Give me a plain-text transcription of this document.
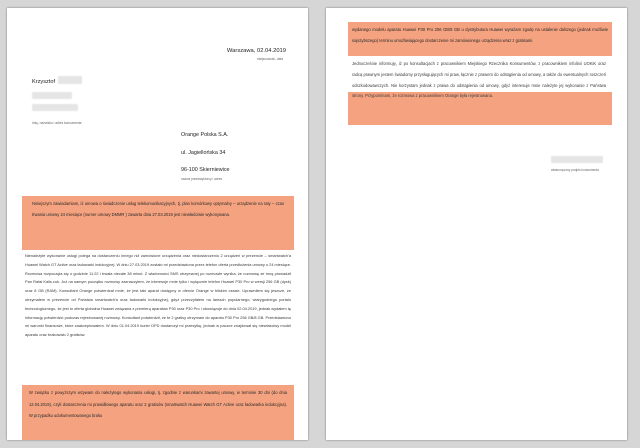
Warszawa, 02.04.2019
miejscowość, data
Krzysztof
imię, nazwisko i adres konsumenta
Orange Polska S.A.
ul. Jagiellońska 34
96-100 Skierniewice
nazwa przedsiębiorcy i adres
Niniejszym zawiadamiam, iż umowa o świadczenie usług telekomunikacyjnych, tj. plan komórkowy optymalny – urządzenie na raty – czas trwania umowy 24 miesiące (numer umowy DMMR ) zawarta dnia 27.03.2019 jest niewłaściwie wykonywana.
Nienależyte wykonanie usługi polega na dostarczeniu innego niż zamówione urządzenia oraz niedostarczeniu 2 urządzeń w prezencie – smartwatch'a Huawei Watch GT Active oraz ładowarki indukcyjnej. W dniu 27.03.2019 zostało mi przedstawiona przez telefon oferta przedłużenia umowy o 24 miesiące. Rozmowa rozpoczęła się o godzinie 11:22 i trwała niecałe 38 minut. Z wiadomości SMS otrzymanej po rozmowie wynika, że rozmowę ze mną prowadził Pan Rafał Kalis.cok. Już na samym początku rozmowy zaznaczyłem, że interesuje mnie tylko i wyłącznie telefon Huawei P30 Pro w wersji 256 GB (dysk) oraz 8 GB (RAM). Konsultant Orange potwierdzał mnie, że jest taki aparat dostępny w ofercie Orange w bliskim czasie. Uprawniłem się jeszcze, że otrzymałem w prezencie od Państwa smartwatch'a oraz ładowarki indukcyjnej, gdyż przeczytałem na łamach popularnego, wiarygodnego portalu technologicznego, że jest to oferta globalna Huawei związana z premierą aparatów P30 oraz P30 Pro i obowiązuje do dnia 02.04.2019, jednak wydałem tę informację potwierdzić podczas rejestrowanej rozmowy. Konsultant potwierdził, że te 2 gratisy otrzymam do aparatu P30 Pro 256 GB/8 GB. Przedstawiono mi warunki finansowe, które zaakceptowałem. W dniu 01.04.2019 kurier DPD dostarczył mi przesyłkę, jednak w paczce znajdował się niewłaściwy model aparatu oraz brakowało 2 gratisów.
W związku z powyższym wzywam do należytego wykonania usługi, tj. zgodnie z warunkami zawartej umowy, w terminie 30 dni (do dnia 12.04.2019), czyli dostarczenia mi prawidłowego aparatu oraz 2 gratisów (smartwatch Huawei Watch GT Active oraz ładowarka indukcyjna). W przypadku udokumentowanego braku
wydanego modelu aparatu Huawei P30 Pro 256 GB/8 GB u dystrybutora Huawei wyrażam zgodę na ustalenie dalszego (jednak możliwie najszybszego) terminu umożliwiającego dostarczenie mi zamówionego urządzenia wraz z gratisami.
Jednocześnie informuję, iż po konsultacjach z pracownikiem Miejskiego Rzecznika Konsumentów, z pracownikiem infolinii UOKiK oraz radcą prawnym jestem świadomy przysługujących mi praw, łącznie z prawem do odstąpienia od umowy, a także do ewentualnych roszczeń odszkodowawczych. Nie korzystam jednak z prawa do odstąpienia od umowy, gdyż interesuje mnie należyte jej wykonanie z Państwa strony. Przypominam, że rozmowa z pracownikiem Orange była rejestrowana.
własnoręczny podpis konsumenta
